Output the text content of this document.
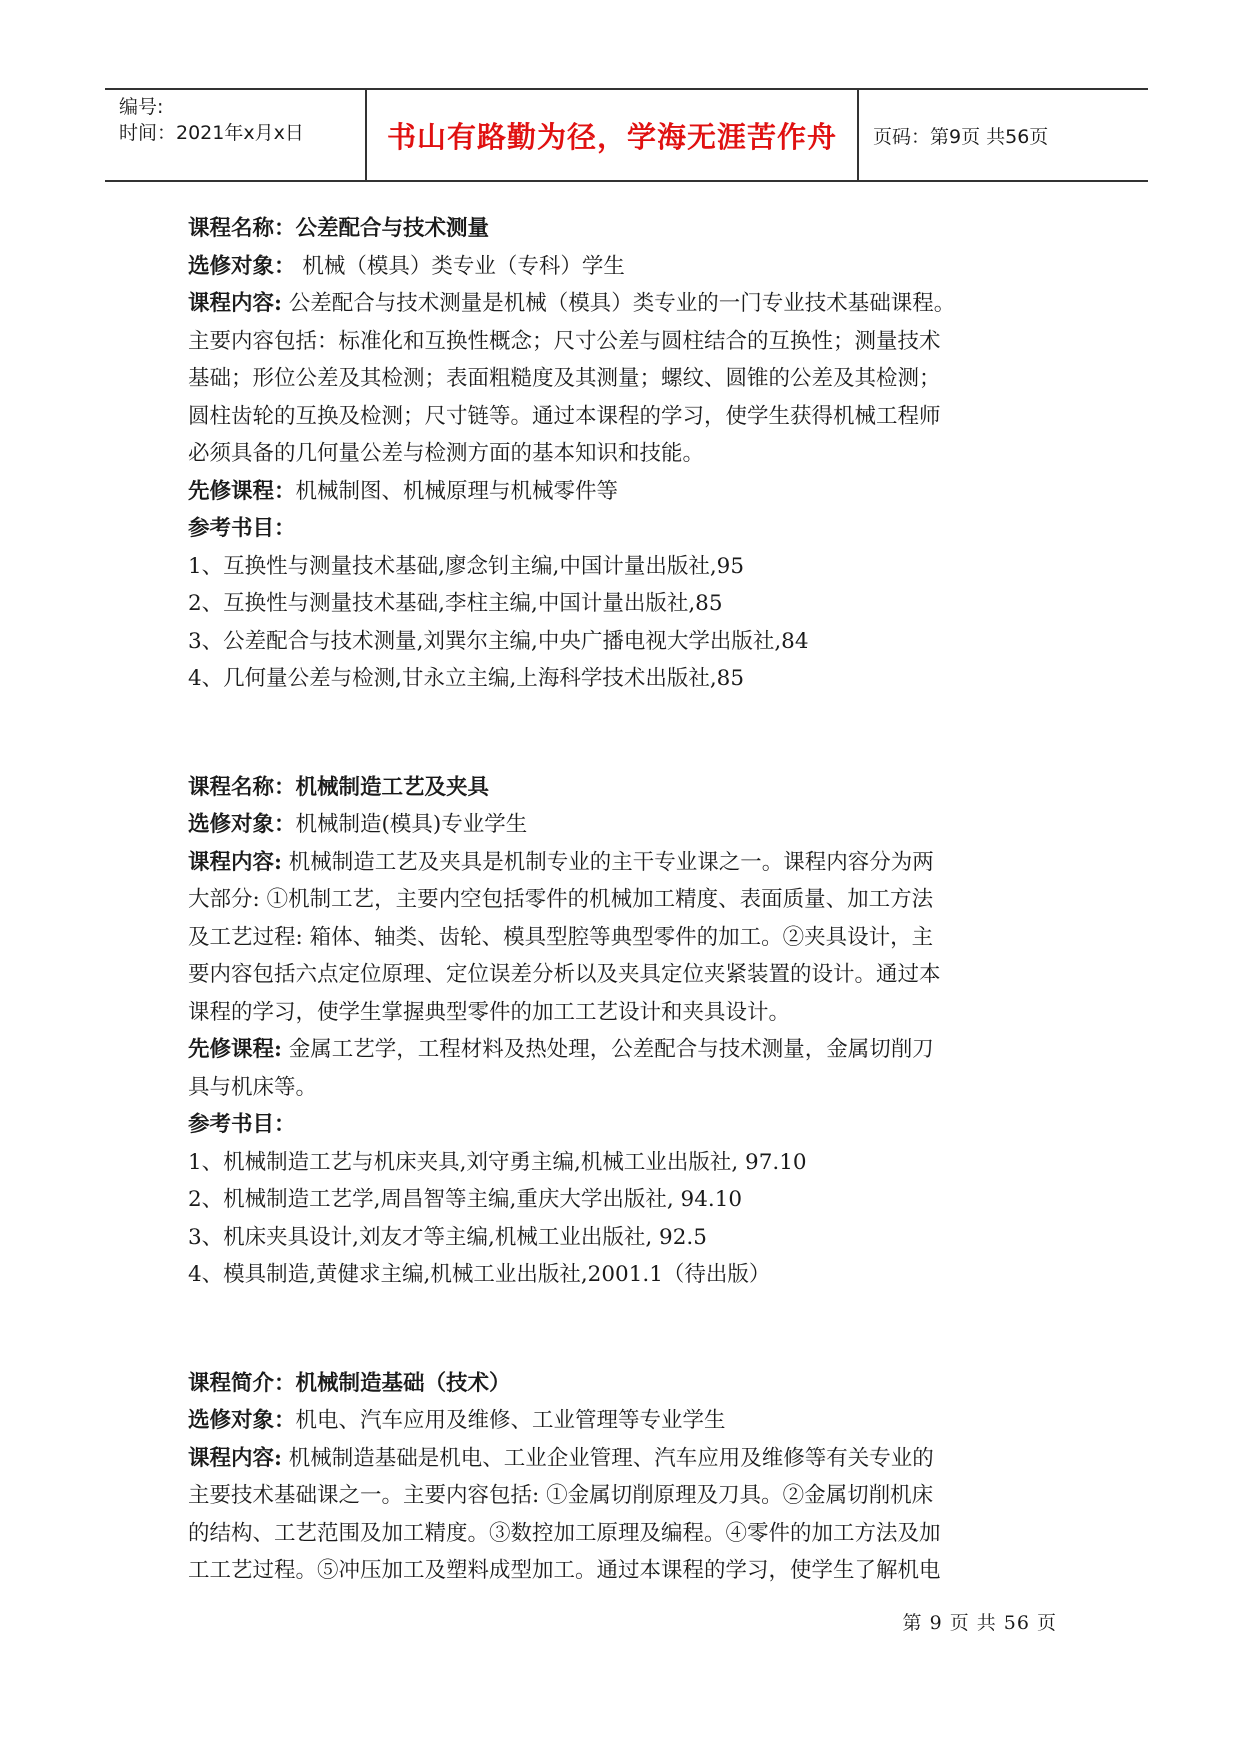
编号:
时间：2021年x月x日	书山有路勤为径，学海无涯苦作舟	页码：第9页 共56页
课程名称：公差配合与技术测量
选修对象： 机械（模具）类专业（专科）学生
课程内容: 公差配合与技术测量是机械（模具）类专业的一门专业技术基础课程。
主要内容包括：标准化和互换性概念；尺寸公差与圆柱结合的互换性；测量技术
基础；形位公差及其检测；表面粗糙度及其测量；螺纹、圆锥的公差及其检测；
圆柱齿轮的互换及检测；尺寸链等。通过本课程的学习，使学生获得机械工程师
必须具备的几何量公差与检测方面的基本知识和技能。
先修课程：机械制图、机械原理与机械零件等
参考书目：
1、互换性与测量技术基础,廖念钊主编,中国计量出版社,95
2、互换性与测量技术基础,李柱主编,中国计量出版社,85
3、公差配合与技术测量,刘巽尔主编,中央广播电视大学出版社,84
4、几何量公差与检测,甘永立主编,上海科学技术出版社,85
课程名称：机械制造工艺及夹具
选修对象：机械制造(模具)专业学生
课程内容: 机械制造工艺及夹具是机制专业的主干专业课之一。课程内容分为两
大部分: ①机制工艺，主要内空包括零件的机械加工精度、表面质量、加工方法
及工艺过程: 箱体、轴类、齿轮、模具型腔等典型零件的加工。②夹具设计，主
要内容包括六点定位原理、定位误差分析以及夹具定位夹紧装置的设计。通过本
课程的学习，使学生掌握典型零件的加工工艺设计和夹具设计。
先修课程: 金属工艺学，工程材料及热处理，公差配合与技术测量，金属切削刀
具与机床等。
参考书目：
1、机械制造工艺与机床夹具,刘守勇主编,机械工业出版社, 97.10
2、机械制造工艺学,周昌智等主编,重庆大学出版社, 94.10
3、机床夹具设计,刘友才等主编,机械工业出版社, 92.5
4、模具制造,黄健求主编,机械工业出版社,2001.1（待出版）
课程简介：机械制造基础（技术）
选修对象：机电、汽车应用及维修、工业管理等专业学生
课程内容: 机械制造基础是机电、工业企业管理、汽车应用及维修等有关专业的
主要技术基础课之一。主要内容包括: ①金属切削原理及刀具。②金属切削机床
的结构、工艺范围及加工精度。③数控加工原理及编程。④零件的加工方法及加
工工艺过程。⑤冲压加工及塑料成型加工。通过本课程的学习，使学生了解机电
第 9 页 共 56 页
